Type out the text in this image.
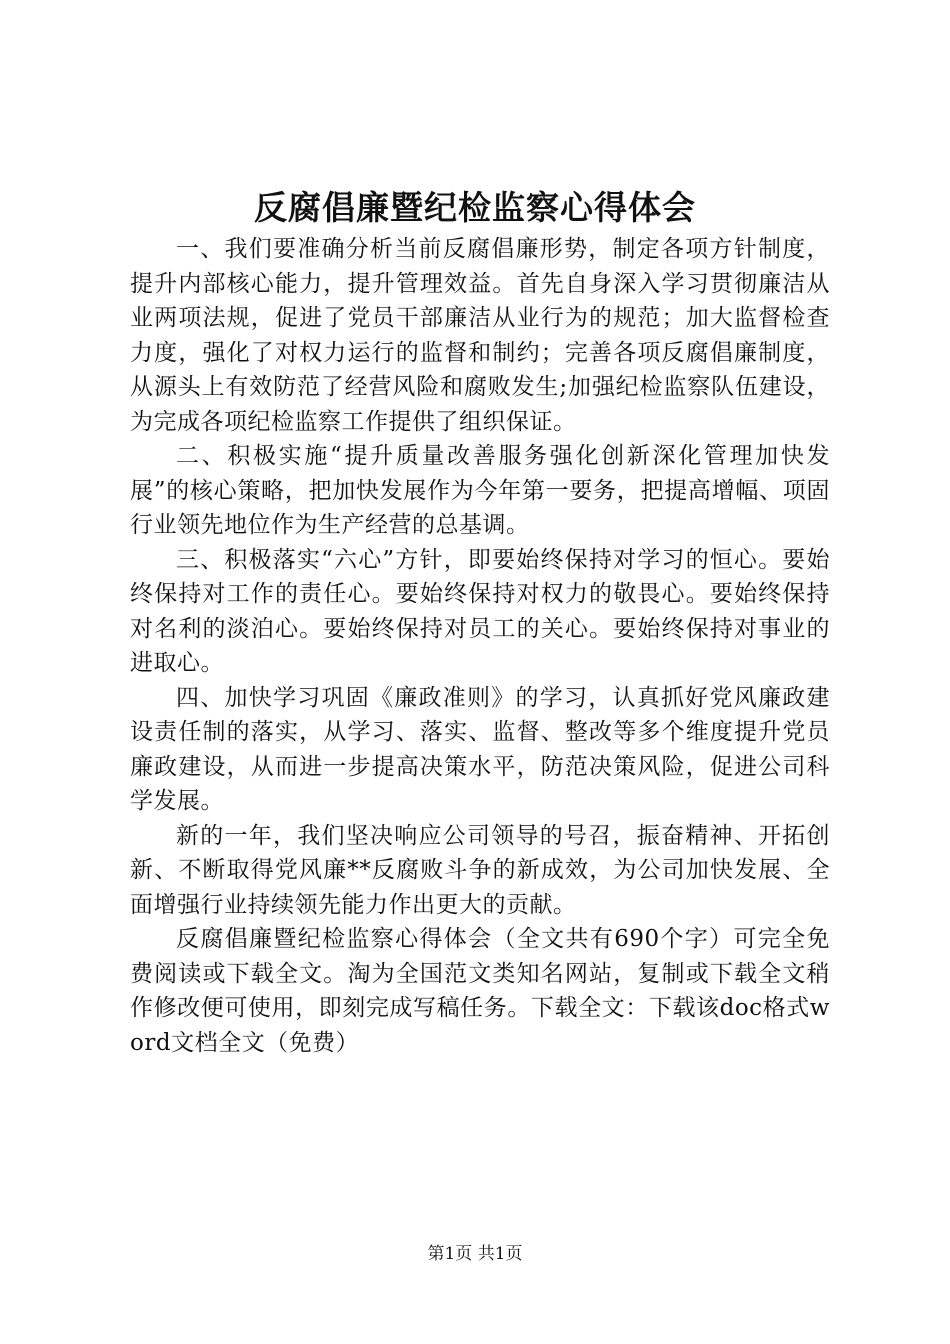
反腐倡廉暨纪检监察心得体会

一、我们要准确分析当前反腐倡廉形势，制定各项方针制度，提升内部核心能力，提升管理效益。首先自身深入学习贯彻廉洁从业两项法规，促进了党员干部廉洁从业行为的规范；加大监督检查力度，强化了对权力运行的监督和制约；完善各项反腐倡廉制度，从源头上有效防范了经营风险和腐败发生;加强纪检监察队伍建设，为完成各项纪检监察工作提供了组织保证。

二、积极实施“提升质量改善服务强化创新深化管理加快发展”的核心策略，把加快发展作为今年第一要务，把提高增幅、项固行业领先地位作为生产经营的总基调。

三、积极落实“六心”方针，即要始终保持对学习的恒心。要始终保持对工作的责任心。要始终保持对权力的敬畏心。要始终保持对名利的淡泊心。要始终保持对员工的关心。要始终保持对事业的进取心。

四、加快学习巩固《廉政准则》的学习，认真抓好党风廉政建设责任制的落实，从学习、落实、监督、整改等多个维度提升党员廉政建设，从而进一步提高决策水平，防范决策风险，促进公司科学发展。

新的一年，我们坚决响应公司领导的号召，振奋精神、开拓创新、不断取得党风廉**反腐败斗争的新成效，为公司加快发展、全面增强行业持续领先能力作出更大的贡献。

反腐倡廉暨纪检监察心得体会（全文共有690个字）可完全免费阅读或下载全文。淘为全国范文类知名网站，复制或下载全文稍作修改便可使用，即刻完成写稿任务。下载全文：下载该doc格式word文档全文（免费）

第1页 共1页
